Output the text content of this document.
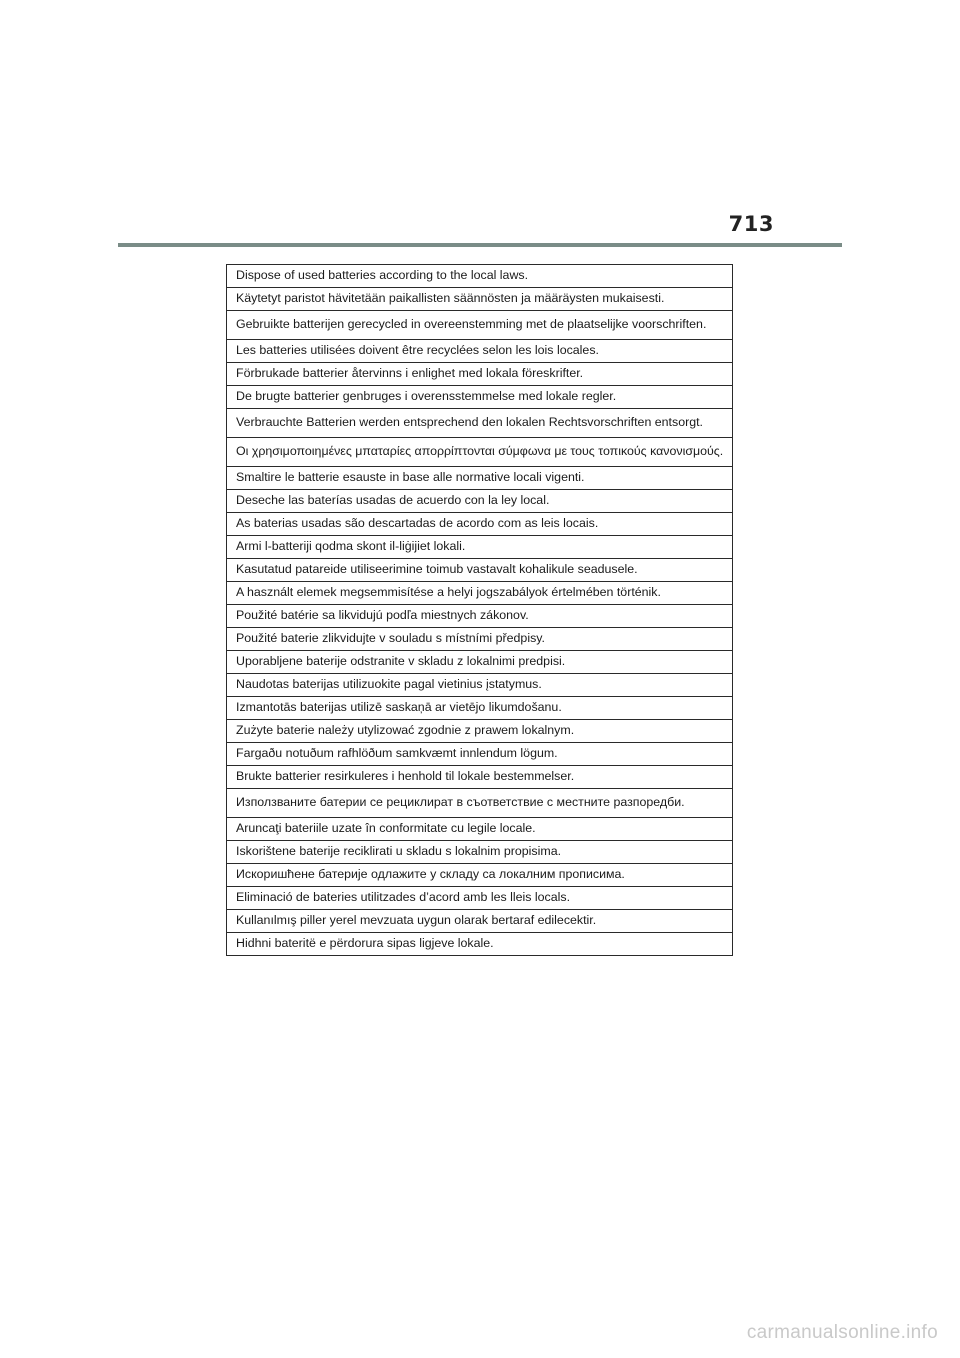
713
Dispose of used batteries according to the local laws.
Käytetyt paristot hävitetään paikallisten säännösten ja määräysten mukaisesti.
Gebruikte batterijen gerecycled in overeenstemming met de plaatselijke voorschriften.
Les batteries utilisées doivent être recyclées selon les lois locales.
Förbrukade batterier återvinns i enlighet med lokala föreskrifter.
De brugte batterier genbruges i overensstemmelse med lokale regler.
Verbrauchte Batterien werden entsprechend den lokalen Rechtsvorschriften entsorgt.
Οι χρησιμοποιημένες μπαταρίες απορρίπτονται σύμφωνα με τους τοπικούς κανονισμούς.
Smaltire le batterie esauste in base alle normative locali vigenti.
Deseche las baterías usadas de acuerdo con la ley local.
As baterias usadas são descartadas de acordo com as leis locais.
Armi l-batteriji qodma skont il-liġijiet lokali.
Kasutatud patareide utiliseerimine toimub vastavalt kohalikule seadusele.
A használt elemek megsemmisítése a helyi jogszabályok értelmében történik.
Použité batérie sa likvidujú podľa miestnych zákonov.
Použité baterie zlikvidujte v souladu s místními předpisy.
Uporabljene baterije odstranite v skladu z lokalnimi predpisi.
Naudotas baterijas utilizuokite pagal vietinius įstatymus.
Izmantotās baterijas utilizē saskaņā ar vietējo likumdošanu.
Zużyte baterie należy utylizować zgodnie z prawem lokalnym.
Fargaðu notuðum rafhlöðum samkvæmt innlendum lögum.
Brukte batterier resirkuleres i henhold til lokale bestemmelser.
Използваните батерии се рециклират в съответствие с местните разпоредби.
Aruncaţi bateriile uzate în conformitate cu legile locale.
Iskorištene baterije reciklirati u skladu s lokalnim propisima.
Искоришћене батерије одлажите у складу са локалним прописима.
Eliminació de bateries utilitzades d’acord amb les lleis locals.
Kullanılmış piller yerel mevzuata uygun olarak bertaraf edilecektir.
Hidhni bateritë e përdorura sipas ligjeve lokale.
carmanualsonline.info
